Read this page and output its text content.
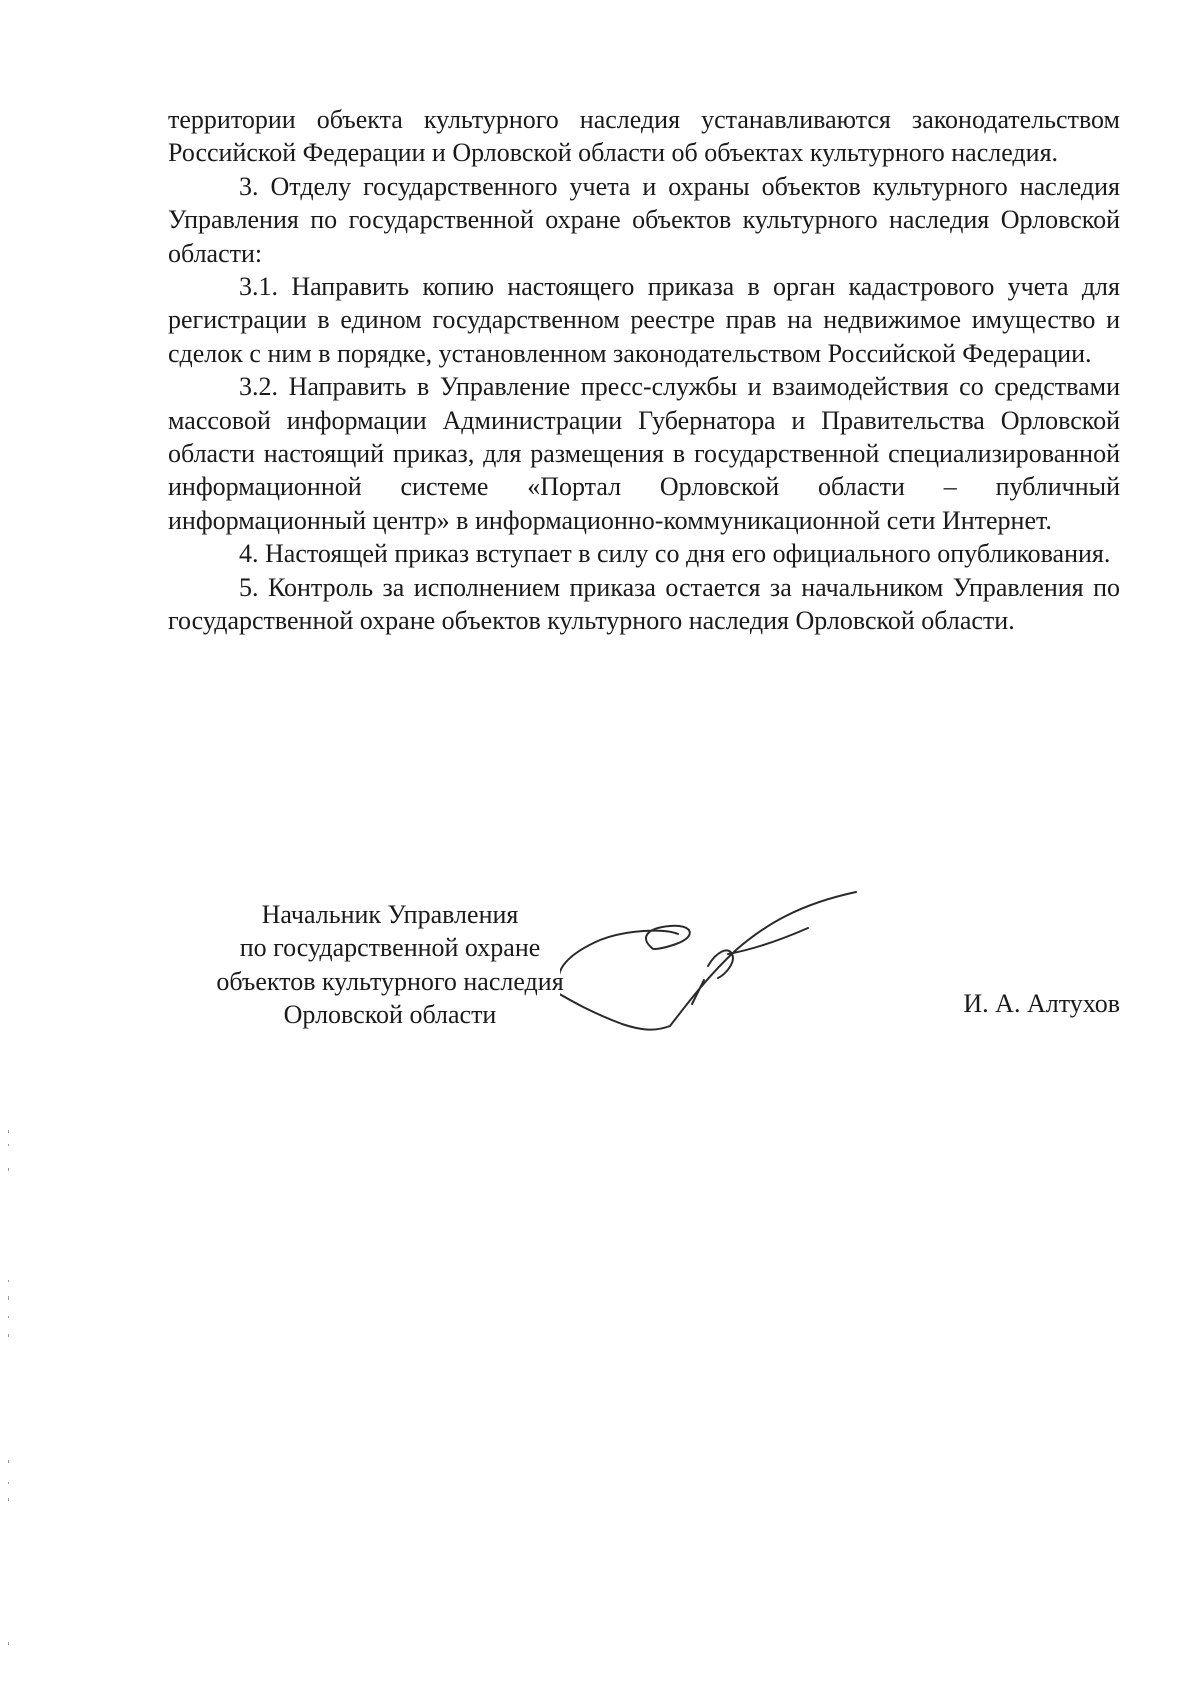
территории объекта культурного наследия устанавливаются законодательством Российской Федерации и Орловской области об объектах культурного наследия.

3. Отделу государственного учета и охраны объектов культурного наследия Управления по государственной охране объектов культурного наследия Орловской области:

3.1. Направить копию настоящего приказа в орган кадастрового учета для регистрации в едином государственном реестре прав на недвижимое имущество и сделок с ним в порядке, установленном законодательством Российской Федерации.

3.2. Направить в Управление пресс-службы и взаимодействия со средствами массовой информации Администрации Губернатора и Правительства Орловской области настоящий приказ, для размещения в государственной специализированной информационной системе «Портал Орловской области – публичный информационный центр» в информационно-коммуникационной сети Интернет.

4. Настоящей приказ вступает в силу со дня его официального опубликования.

5. Контроль за исполнением приказа остается за начальником Управления по государственной охране объектов культурного наследия Орловской области.

Начальник Управления
по государственной охране
объектов культурного наследия
Орловской области	И. А. Алтухов
